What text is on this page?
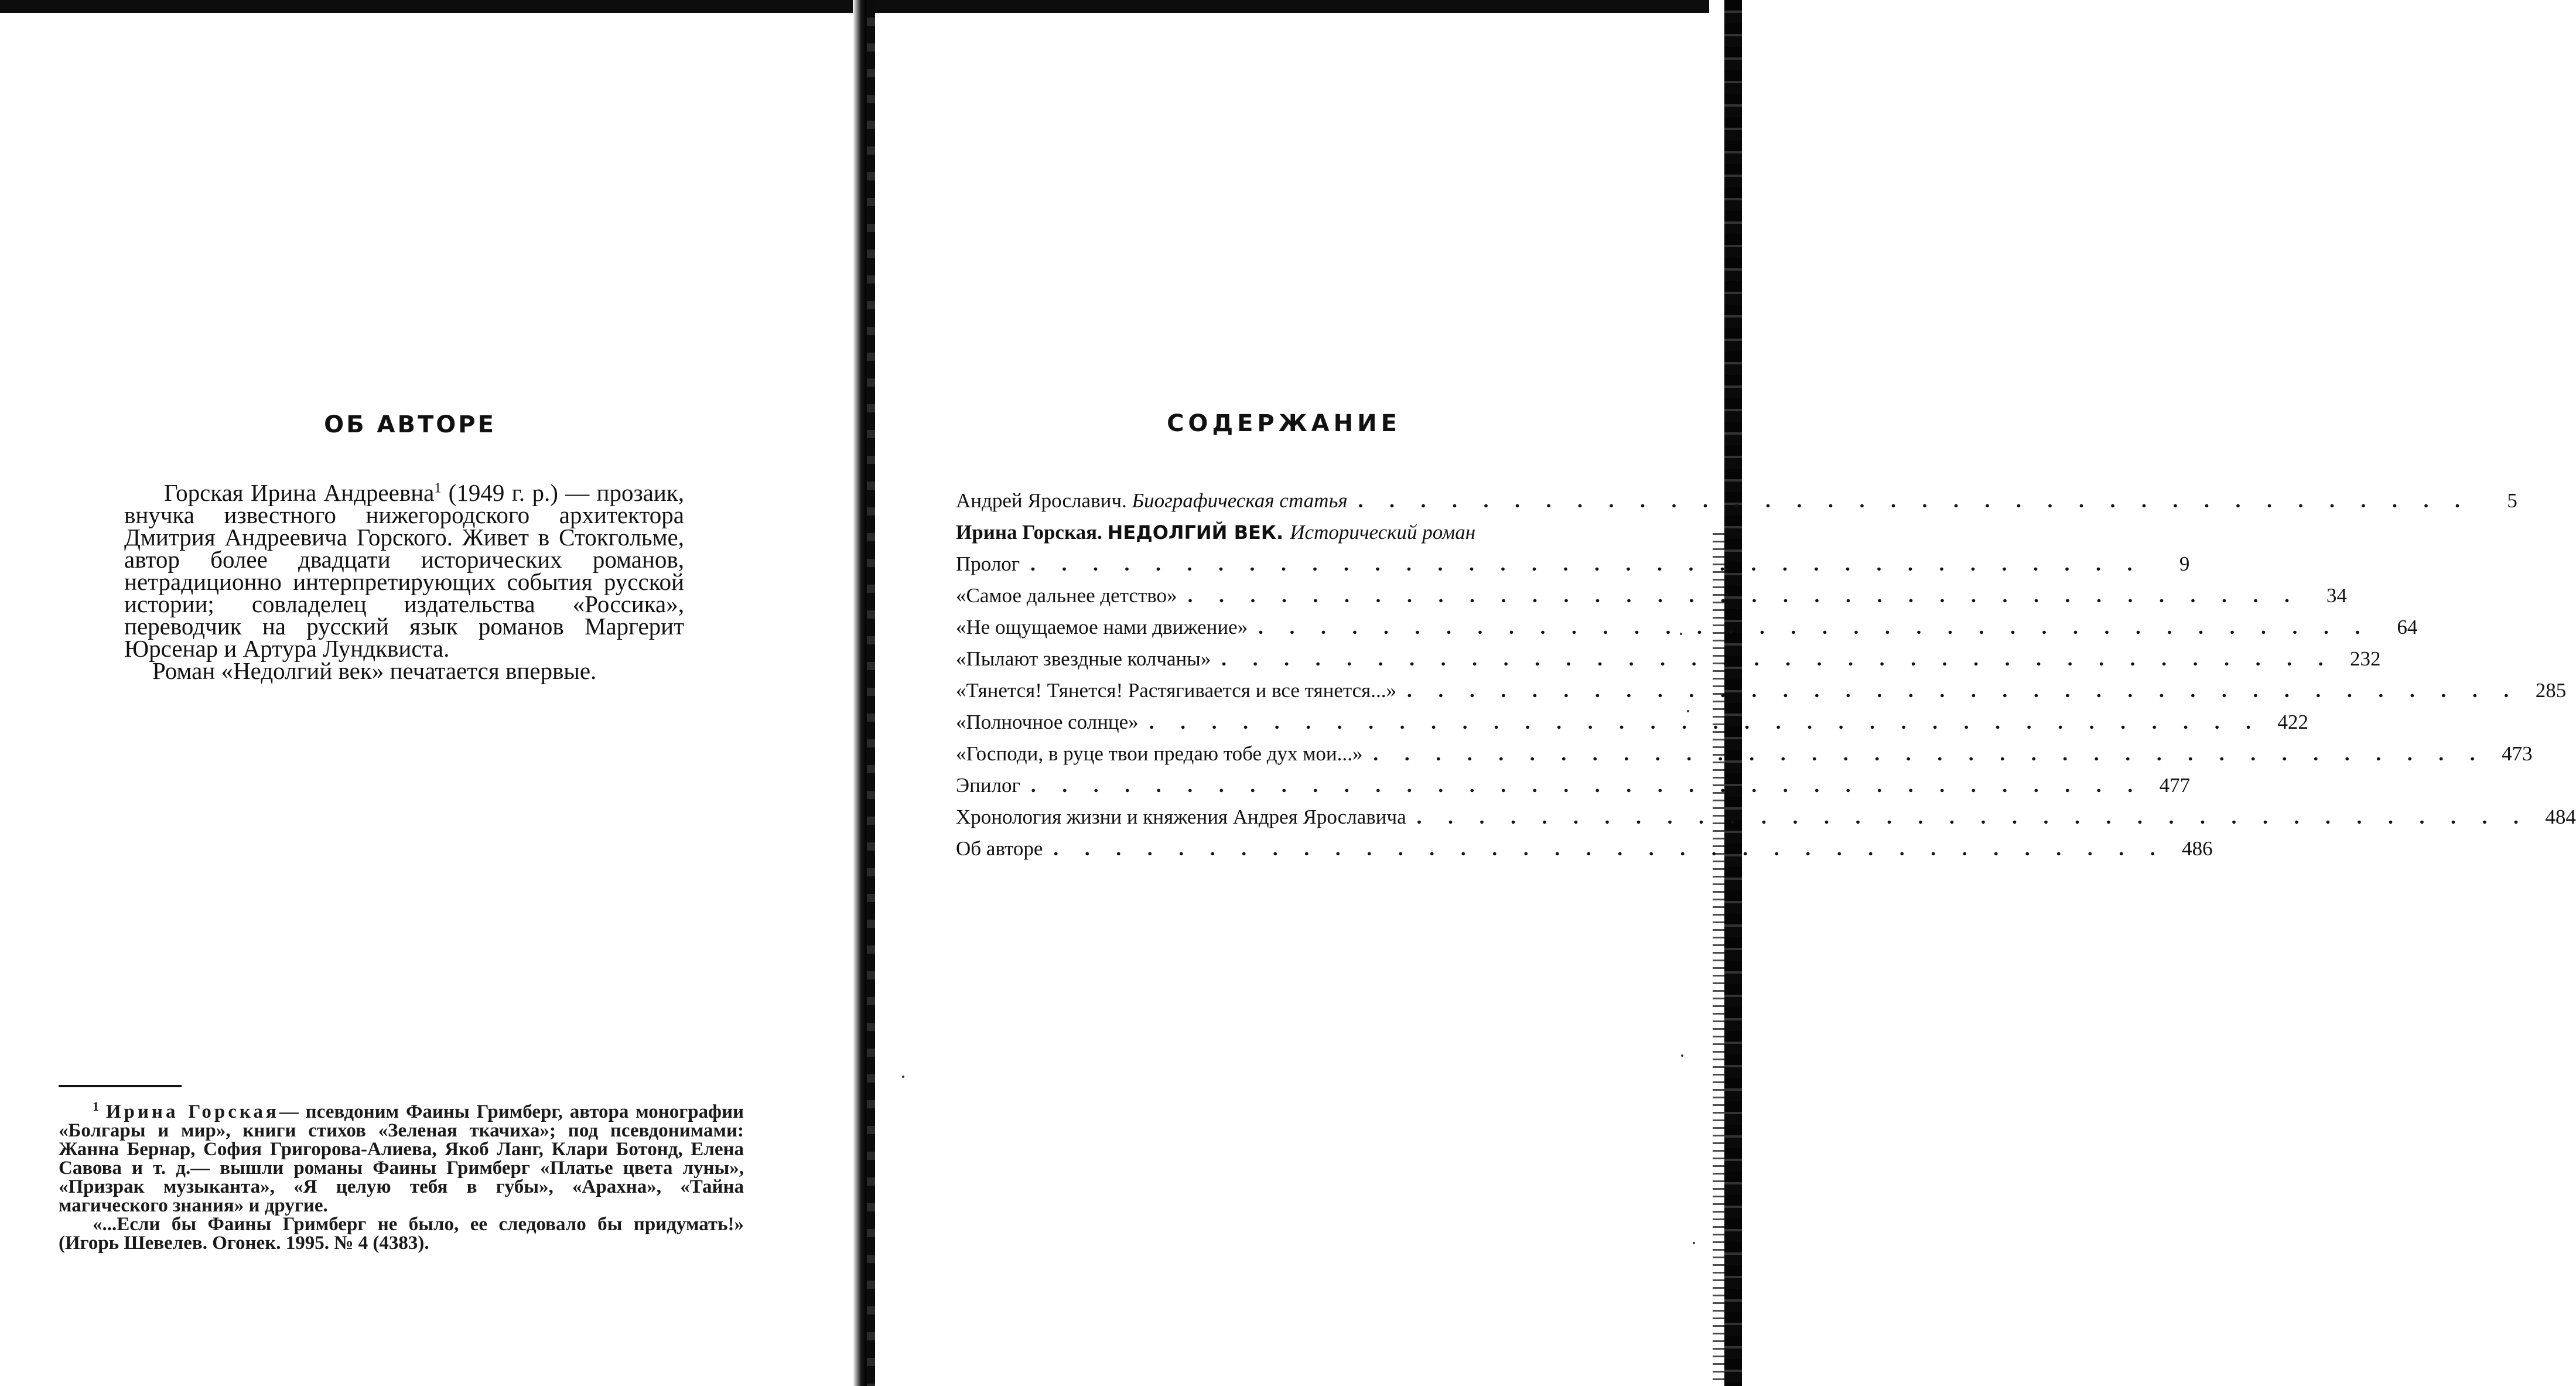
ОБ АВТОРЕ

Горская Ирина Андреевна$^1$ (1949 г. р.) — прозаик, внучка известного нижегородского архитектора Дмитрия Андреевича Горского. Живет в Стокгольме, автор более двадцати исторических романов, нетрадиционно интерпретирующих события русской истории; совладелец издательства «Россика», переводчик на русский язык романов Маргерит Юрсенар и Артура Лундквиста.

Роман «Недолгий век» печатается впервые.

$^1$ Ирина Горская— псевдоним Фаины Гримберг, автора монографии «Болгары и мир», книги стихов «Зеленая ткачиха»; под псевдонимами: Жанна Бернар, София Григорова-Алиева, Якоб Ланг, Клари Ботонд, Елена Савова и т. д.— вышли романы Фаины Гримберг «Платье цвета луны», «Призрак музыканта», «Я целую тебя в губы», «Арахна», «Тайна магического знания» и другие.

«...Если бы Фаины Гримберг не было, ее следовало бы придумать!» (Игорь Шевелев. Огонек. 1995. № 4 (4383).

СОДЕРЖАНИЕ
Андрей Ярославич. Биографическая статья . . . . . . . . . . . . . . . . . . . . . . . . . . . . . . . . . . . .	5
Ирина Горская. НЕДОЛГИЙ ВЕК. Исторический роман
Пролог . . . . . . . . . . . . . . . . . . . . . . . . . . . . . . . . . . . .	9
«Самое дальнее детство» . . . . . . . . . . . . . . . . . . . . . . . . . . . . . . . . . . . .	34
«Не ощущаемое нами движение» . . . . . . . . . . . . . . . . . . . . . . . . . . . . . . . . . . . .	64
«Пылают звездные колчаны» . . . . . . . . . . . . . . . . . . . . . . . . . . . . . . . . . . . . 232
«Тянется! Тянется! Растягивается и все тянется...» . . . . . . . . . . . . . . . . . . . . . . . . . . . . . . . . . . . . 285
«Полночное солнце» . . . . . . . . . . . . . . . . . . . . . . . . . . . . . . . . . . . . 422
«Господи, в руце твои предаю тобе дух мои...» . . . . . . . . . . . . . . . . . . . . . . . . . . . . . . . . . . . . 473
Эпилог . . . . . . . . . . . . . . . . . . . . . . . . . . . . . . . . . . . . 477
Хронология жизни и княжения Андрея Ярославича . . . . . . . . . . . . . . . . . . . . . . . . . . . . . . . . . . . . 484
Об авторе . . . . . . . . . . . . . . . . . . . . . . . . . . . . . . . . . . . . 486
